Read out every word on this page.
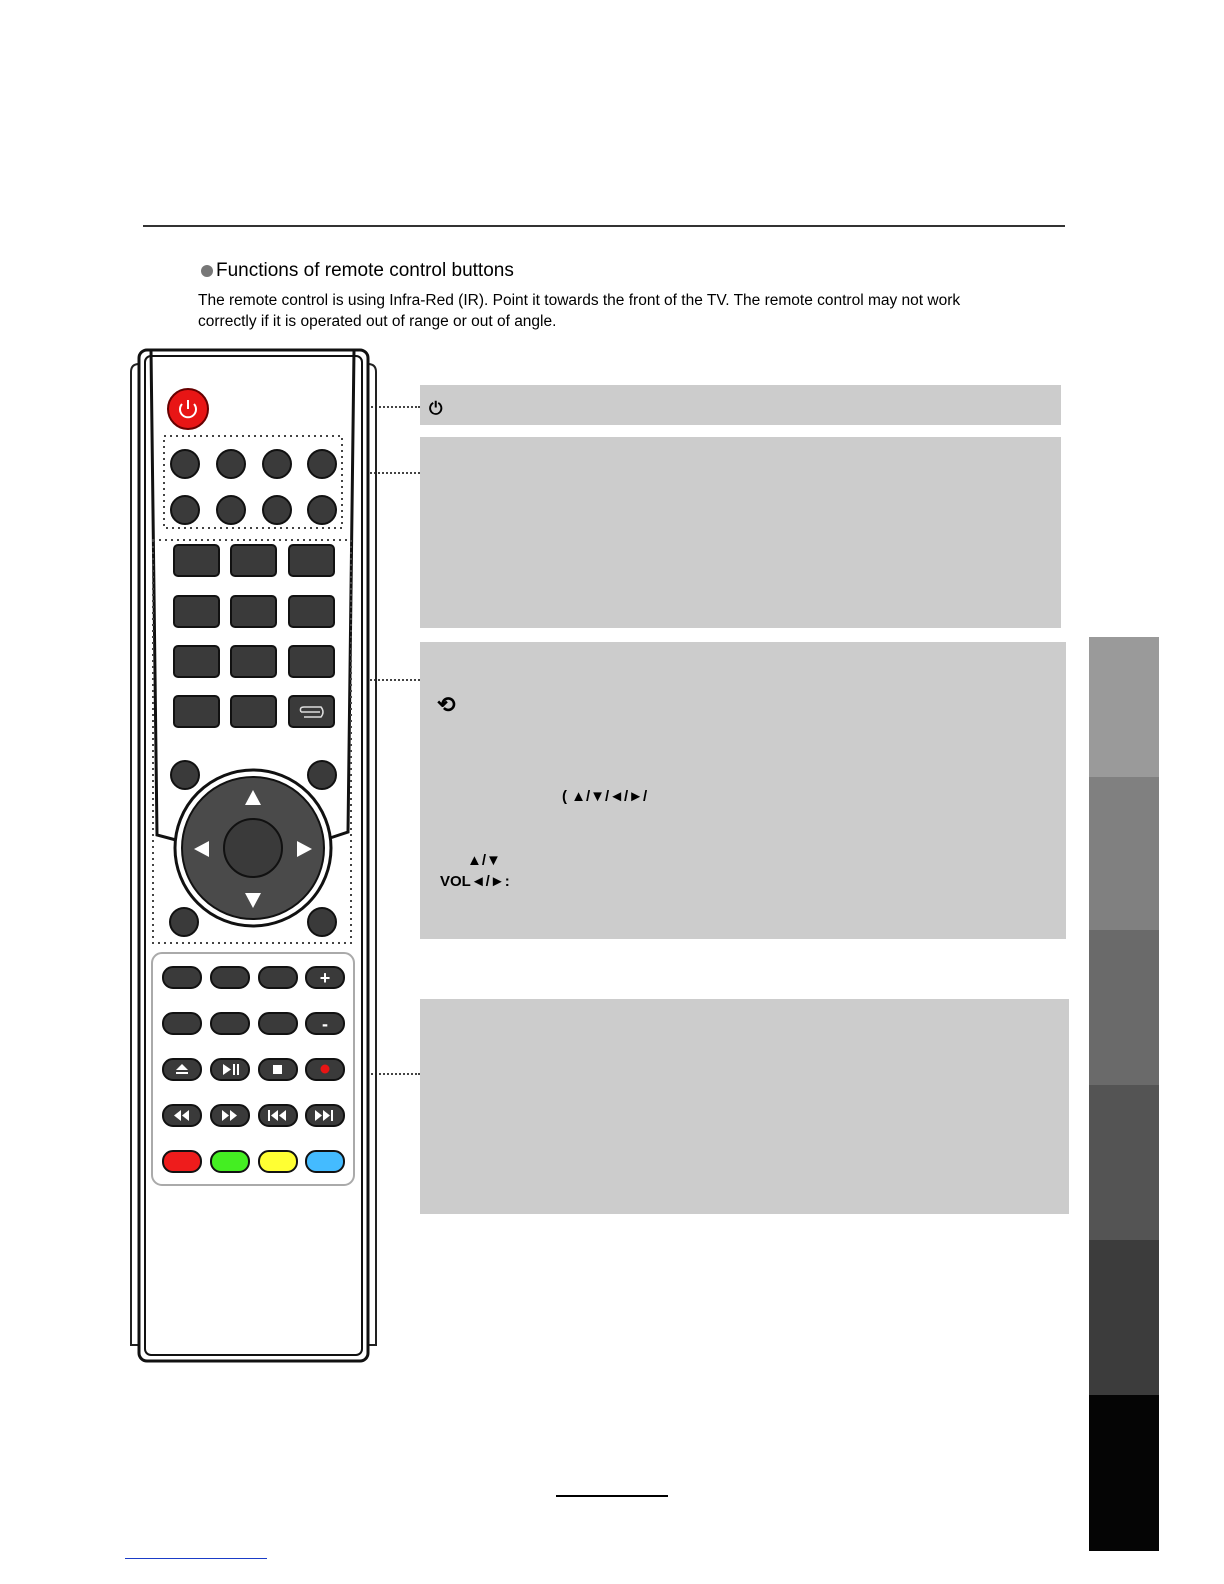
Functions of remote control buttons
The remote control is using Infra-Red (IR). Point it towards the front of the TV. The remote control may not work correctly if it is operated out of range or out of angle.
⏻
⟲
( ▲/▼/◄/►/
▲/▼
VOL◄/►:
+
-
